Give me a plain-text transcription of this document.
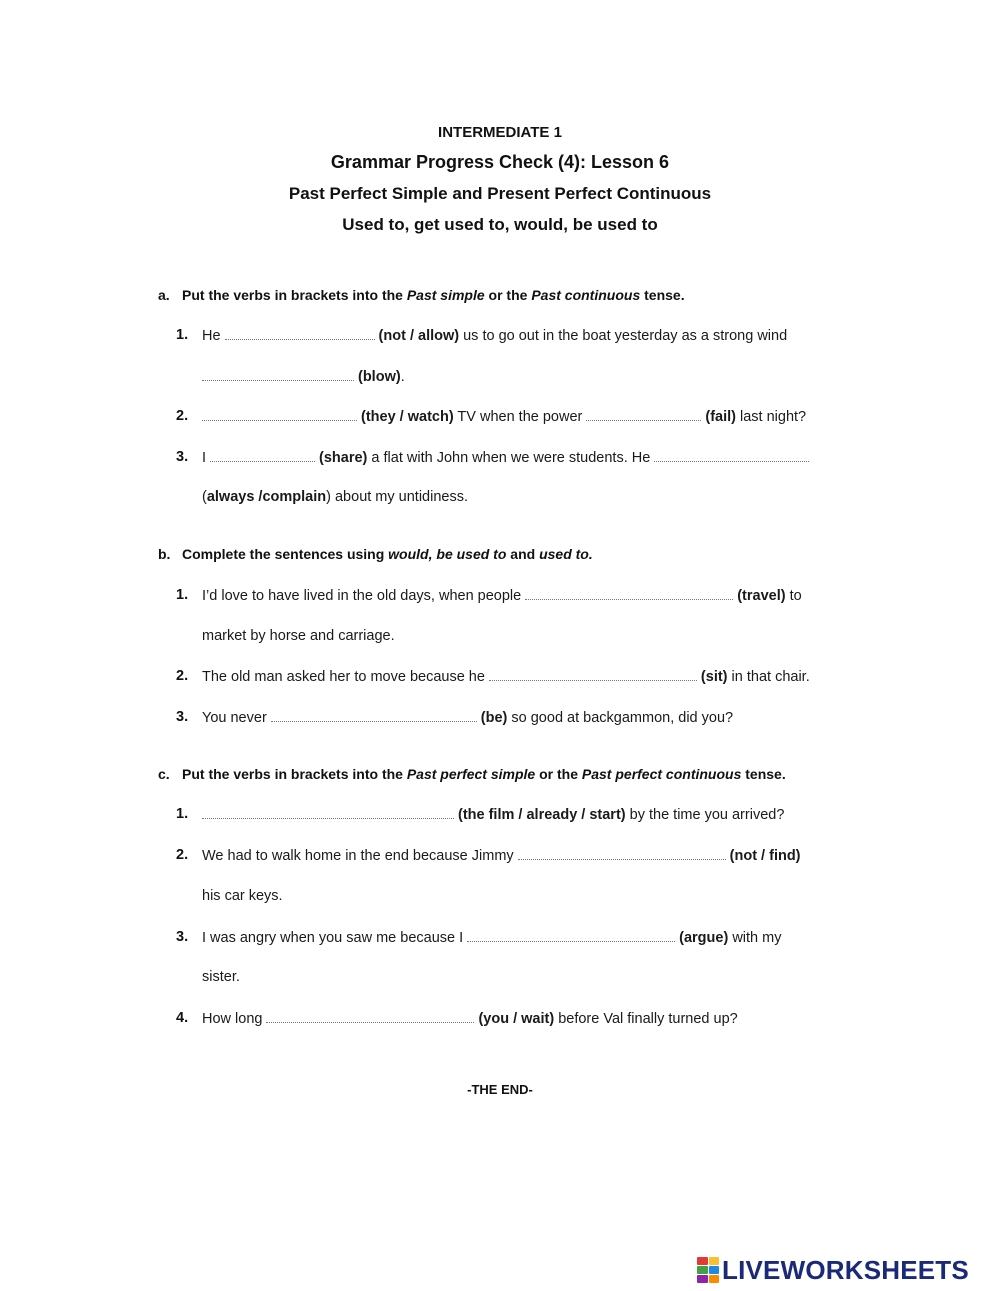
INTERMEDIATE 1
Grammar Progress Check (4): Lesson 6
Past Perfect Simple and Present Perfect Continuous
Used to, get used to, would, be used to
a. Put the verbs in brackets into the Past simple or the Past continuous tense.
1. He	(not / allow) us to go out in the boat yesterday as a strong wind
(blow).
2.	(they / watch) TV when the power	(fail) last night?
3. I	(share) a flat with John when we were students. He
(always /complain) about my untidiness.
b. Complete the sentences using would, be used to and used to.
1. I’d love to have lived in the old days, when people	(travel) to
market by horse and carriage.
2. The old man asked her to move because he	(sit) in that chair.
3. You never	(be) so good at backgammon, did you?
c. Put the verbs in brackets into the Past perfect simple or the Past perfect continuous tense.
1.	(the film / already / start) by the time you arrived?
2. We had to walk home in the end because Jimmy	(not / find)
his car keys.
3. I was angry when you saw me because I	(argue) with my
sister.
4. How long	(you / wait) before Val finally turned up?
-THE END-
LIVEWORKSHEETS
